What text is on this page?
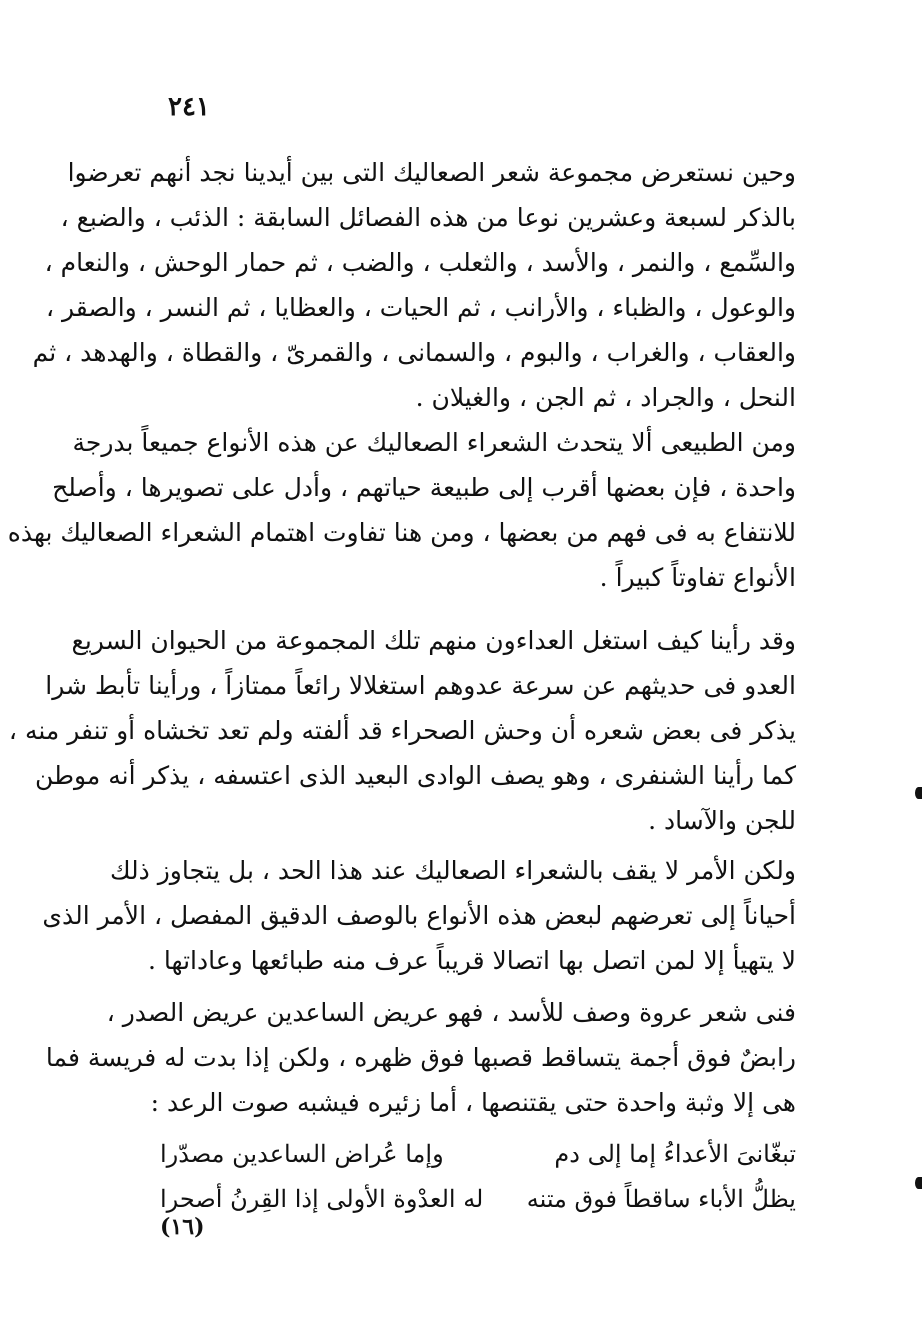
٢٤١
وحين نستعرض مجموعة شعر الصعاليك التى بين أيدينا نجد أنهم تعرضوا
بالذكر لسبعة وعشرين نوعا من هذه الفصائل السابقة : الذئب ، والضبع ،
والسِّمع ، والنمر ، والأسد ، والثعلب ، والضب ، ثم حمار الوحش ، والنعام ،
والوعول ، والظباء ، والأرانب ، ثم الحيات ، والعظايا ، ثم النسر ، والصقر ،
والعقاب ، والغراب ، والبوم ، والسمانى ، والقمرىّ ، والقطاة ، والهدهد ، ثم
النحل ، والجراد ، ثم الجن ، والغيلان .
ومن الطبيعى ألا يتحدث الشعراء الصعاليك عن هذه الأنواع جميعاً بدرجة
واحدة ، فإن بعضها أقرب إلى طبيعة حياتهم ، وأدل على تصويرها ، وأصلح
للانتفاع به فى فهم من بعضها ، ومن هنا تفاوت اهتمام الشعراء الصعاليك بهذه
الأنواع تفاوتاً كبيراً .
وقد رأينا كيف استغل العداءون منهم تلك المجموعة من الحيوان السريع
العدو فى حديثهم عن سرعة عدوهم استغلالا رائعاً ممتازاً ، ورأينا تأبط شرا
يذكر فى بعض شعره أن وحش الصحراء قد ألفته ولم تعد تخشاه أو تنفر منه ،
كما رأينا الشنفرى ، وهو يصف الوادى البعيد الذى اعتسفه ، يذكر أنه موطن
للجن والآساد .
ولكن الأمر لا يقف بالشعراء الصعاليك عند هذا الحد ، بل يتجاوز ذلك
أحياناً إلى تعرضهم لبعض هذه الأنواع بالوصف الدقيق المفصل ، الأمر الذى
لا يتهيأ إلا لمن اتصل بها اتصالا قريباً عرف منه طبائعها وعاداتها .
فنى شعر عروة وصف للأسد ، فهو عريض الساعدين عريض الصدر ،
رابضٌ فوق أجمة يتساقط قصبها فوق ظهره ، ولكن إذا بدت له فريسة فما
هى إلا وثبة واحدة حتى يقتنصها ، أما زئيره فيشبه صوت الرعد :
تبغّانىَ الأعداءُ إما إلى دم
وإما عُراض الساعدين مصدّرا
يظلُّ الأباء ساقطاً فوق متنه
له العدْوة الأولى إذا القِرنُ أصحرا
(١٦)
